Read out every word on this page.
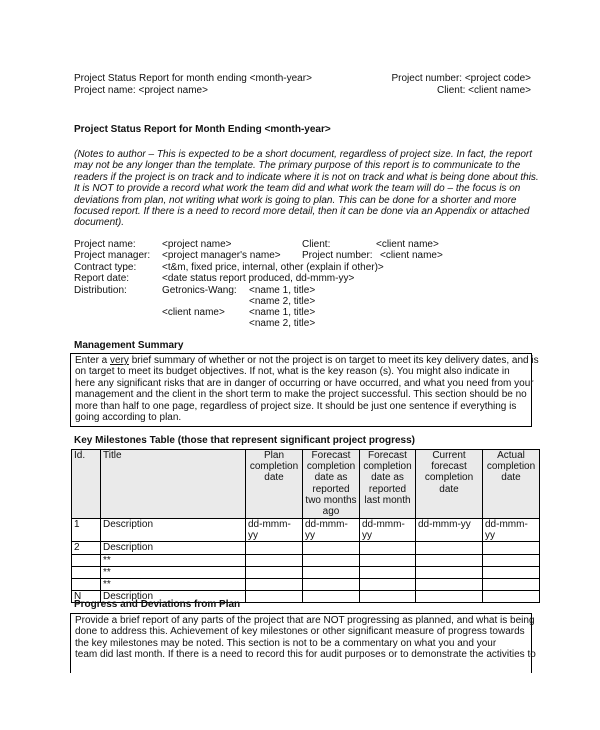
Project Status Report for month ending <month-year>
Project name: <project name>
Project number: <project code>
Client: <client name>
Project Status Report for Month Ending <month-year>
(Notes to author – This is expected to be a short document, regardless of project size. In fact, the report
may not be any longer than the template. The primary purpose of this report is to communicate to the
readers if the project is on track and to indicate where it is not on track and what is being done about this.
It is NOT to provide a record what work the team did and what work the team will do – the focus is on
deviations from plan, not writing what work is going to plan. This can be done for a shorter and more
focused report. If there is a need to record more detail, then it can be done via an Appendix or attached
document).
Project name:	<project name>	Client:	<client name>
Project manager: <project manager's name> Project number: <client name>
Contract type:	<t&m, fixed price, internal, other (explain if other)>
Report date:	<date status report produced, dd-mmm-yy>
Distribution:	Getronics-Wang: <name 1, title>
<name 2, title>
<client name> <name 1, title>
<name 2, title>
Management Summary
Enter a very brief summary of whether or not the project is on target to meet its key delivery dates, and is
on target to meet its budget objectives. If not, what is the key reason (s). You might also indicate in
here any significant risks that are in danger of occurring or have occurred, and what you need from your
management and the client in the short term to make the project successful. This section should be no
more than half to one page, regardless of project size. It should be just one sentence if everything is
going according to plan.
Key Milestones Table (those that represent significant project progress)
Id.	Title	Plan completion date	Forecast completion date as reported two months ago	Forecast completion date as reported last month	Current forecast completion date	Actual completion date
1	Description	dd-mmm-yy	dd-mmm-yy	dd-mmm-yy	dd-mmm-yy	dd-mmm-yy
2	Description					
	**					
	**					
	**					
N	Description					
Progress and Deviations from Plan
Provide a brief report of any parts of the project that are NOT progressing as planned, and what is being
done to address this. Achievement of key milestones or other significant measure of progress towards
the key milestones may be noted. This section is not to be a commentary on what you and your
team did last month. If there is a need to record this for audit purposes or to demonstrate the activities to
